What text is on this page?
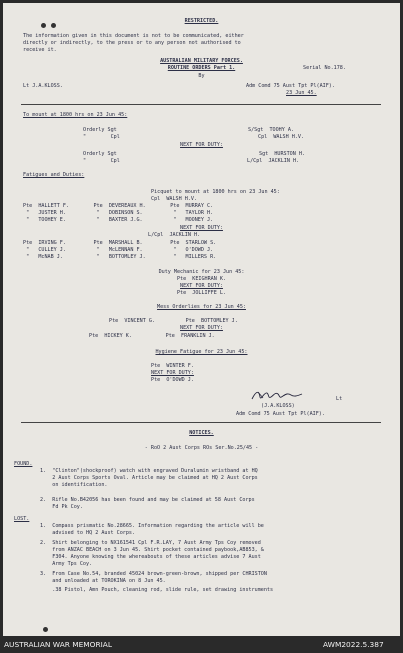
RESTRICTED.
The information given in this document is not to be communicated, either
directly or indirectly, to the press or to any person not authorised to
receive it.
AUSTRALIAN MILITARY FORCES.
ROUTINE ORDERS Part 1.
By
Serial No.178.
Lt J.A.KLOSS.	Adm Comd 75 Aust Tpt Pl(AIF).
23 Jun 45.
To mount at 1800 hrs on 23 Jun 45:
Orderly Sgt
"        Cpl
S/Sgt  TOOHY A.
Cpl  WALSH H.V.
NEXT FOR DUTY:
Orderly Sgt
"        Cpl
Sgt  HURSTON H.
L/Cpl  JACKLIN H.
Fatigues and Duties:
Picquet to mount at 1800 hrs on 23 Jun 45:
Cpl  WALSH H.V.
Pte  HALLETT F.        Pte  DEVEREAUX H.        Pte  MURRAY C.
"   JUSTER H.          "   DOBINSON S.          "   TAYLOR H.
"   TOOHEY E.          "   BAXTER J.G.          "   MOONEY J.
NEXT FOR DUTY:
L/Cpl  JACKLIN H.
Pte  IRVING F.         Pte  MARSHALL B.         Pte  STARLOW S.
"   CULLEY J.          "   McLENNAN F.          "   O'DOWD J.
"   McNAB J.           "   BOTTOMLEY J.         "   MILLERS R.
Duty Mechanic for 23 Jun 45:
Pte  KEIGHRAN K.
NEXT FOR DUTY:
Pte  JOLLIFFE L.
Mess Orderlies for 23 Jun 45:
Pte  VINCENT G.          Pte  BOTTOMLEY J.
NEXT FOR DUTY:
Pte  HICKEY K.           Pte  FRANKLIN J.
Hygiene Fatigue for 23 Jun 45:
Pte  WINTER F.
NEXT FOR DUTY:
Pte  O'DOWD J.
Lt
(J.A.KLOSS)
Adm Comd 75 Aust Tpt Pl(AIF).
NOTICES.
- RoO 2 Aust Corps ROs Ser.No.25/45 -
FOUND.
1.  "Clinton"(shockproof) watch with engraved Duralumin wristband at HQ
2 Aust Corps Sports Oval. Article may be claimed at HQ 2 Aust Corps
on identification.
2.  Rifle No.B42056 has been found and may be claimed at 58 Aust Corps
Fd Pk Coy.
LOST.
1.  Compass prismatic No.28665. Information regarding the article will be
advised to HQ 2 Aust Corps.
2.  Shirt belonging to NX161541 Cpl F.R.LAY, 7 Aust Army Tps Coy removed
from ANZAC BEACH on 3 Jun 45. Shirt pocket contained paybook,AB853, &
F304. Anyone knowing the whereabouts of these articles advise 7 Aust
Army Tps Coy.
3.  From Case No.54, branded 45024 brown-green-brown, shipped per CHRISTON
and unloaded at TOROKINA on 8 Jun 45.
.38 Pistol, Amn Pouch, cleaning rod, slide rule, set drawing instruments
AUSTRALIAN WAR MEMORIAL	AWM2022.5.387
